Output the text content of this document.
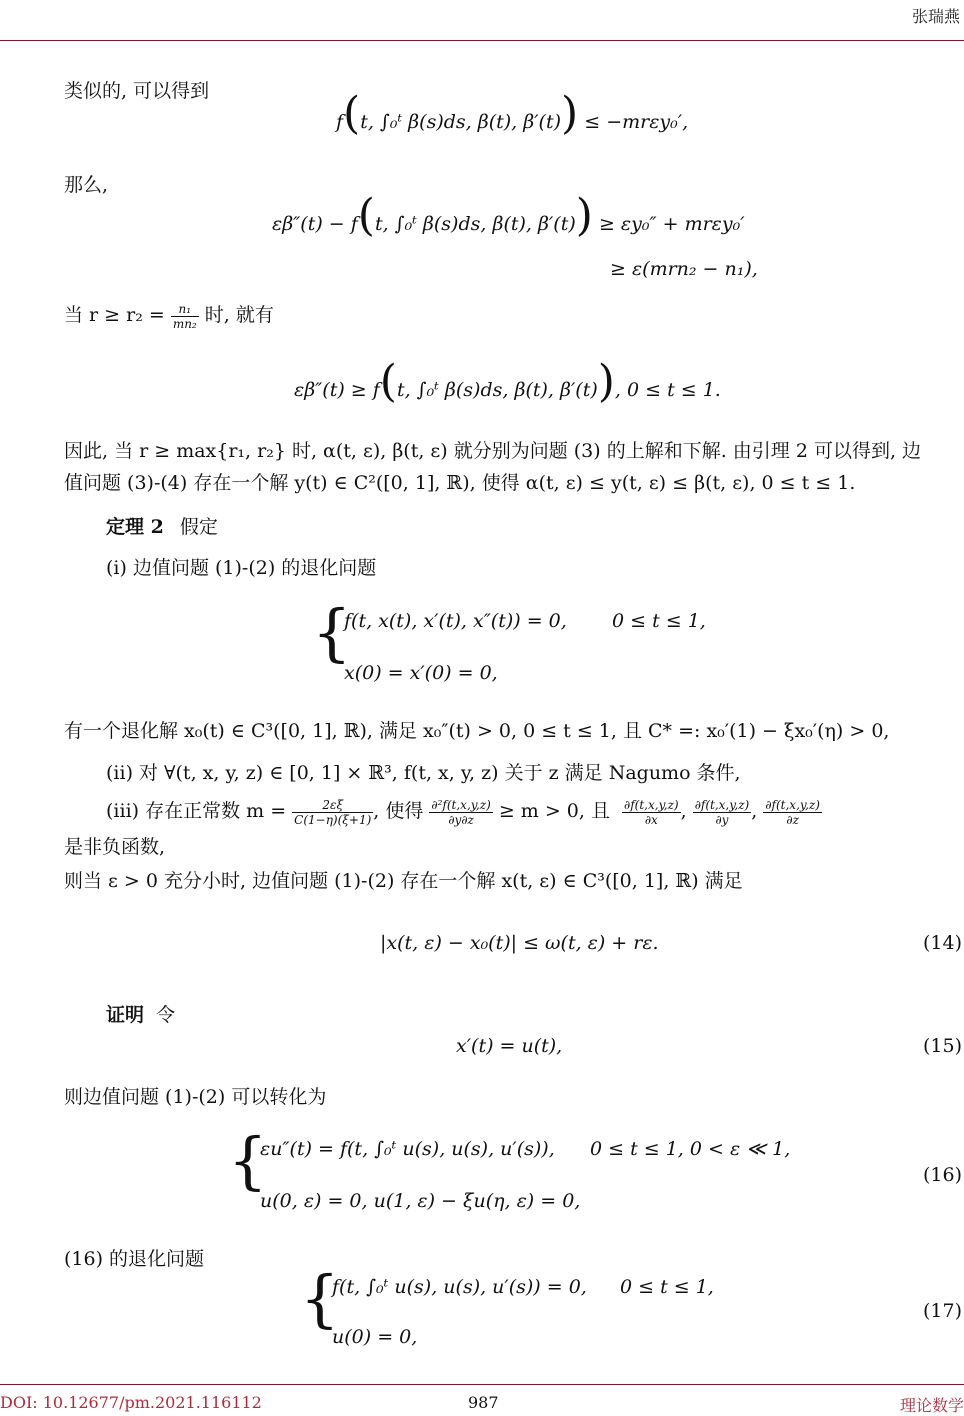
张瑞燕
类似的, 可以得到
f(t, ∫₀ᵗ β(s)ds, β(t), β′(t)) ≤ −mrεy₀′,
那么,
εβ″(t) − f(t, ∫₀ᵗ β(s)ds, β(t), β′(t)) ≥ εy₀″ + mrεy₀′
≥ ε(mrn₂ − n₁),
当 $r \ge r_2 = \frac{\text{n₁}}{\text{mn₂}}$ 时, 就有
εβ″(t) ≥ f(t, ∫₀ᵗ β(s)ds, β(t), β′(t)), 0 ≤ t ≤ 1.
因此, 当 r ≥ max{r₁, r₂} 时, α(t, ε), β(t, ε) 就分别为问题 (3) 的上解和下解. 由引理 2 可以得到, 边
值问题 (3)-(4) 存在一个解 y(t) ∈ C²([0, 1], ℝ), 使得 α(t, ε) ≤ y(t, ε) ≤ β(t, ε), 0 ≤ t ≤ 1.
定理 2 假定
(i) 边值问题 (1)-(2) 的退化问题
{
f(t, x(t), x′(t), x″(t)) = 0, 0 ≤ t ≤ 1,
x(0) = x′(0) = 0,
有一个退化解 x₀(t) ∈ C³([0, 1], ℝ), 满足 x₀″(t) > 0, 0 ≤ t ≤ 1, 且 C* =: x₀′(1) − ξx₀′(η) > 0,
(ii) 对 ∀(t, x, y, z) ∈ [0, 1] × ℝ³, f(t, x, y, z) 关于 z 满足 Nagumo 条件,
(iii) 存在正常数 $m = \frac{2\varepsilon\xi}{C(1-\eta)(\xi+1)}$ , 使得 $\frac{\text{∂²f(t,x,y,z)}}{\partial y\partial z} \ge m > 0$, 且 $\frac{\partial f(t,x,y,z)}{\partial x}$ , $\frac{\partial f(t,x,y,z)}{\partial y}$ , $\frac{\partial f(t,x,y,z)}{\partial z}$
是非负函数,
则当 ε > 0 充分小时, 边值问题 (1)-(2) 存在一个解 x(t, ε) ∈ C³([0, 1], ℝ) 满足
|x(t, ε) − x₀(t)| ≤ ω(t, ε) + rε.	(14)
证明 令
x′(t) = u(t),	(15)
则边值问题 (1)-(2) 可以转化为
{
εu″(t) = f(t, ∫₀ᵗ u(s), u(s), u′(s)), 0 ≤ t ≤ 1, 0 < ε ≪ 1,
u(0, ε) = 0, u(1, ε) − ξu(η, ε) = 0,
(16)
(16) 的退化问题
{
f(t, ∫₀ᵗ u(s), u(s), u′(s)) = 0, 0 ≤ t ≤ 1,
u(0) = 0,
(17)
DOI: 10.12677/pm.2021.116112	987	理论数学
